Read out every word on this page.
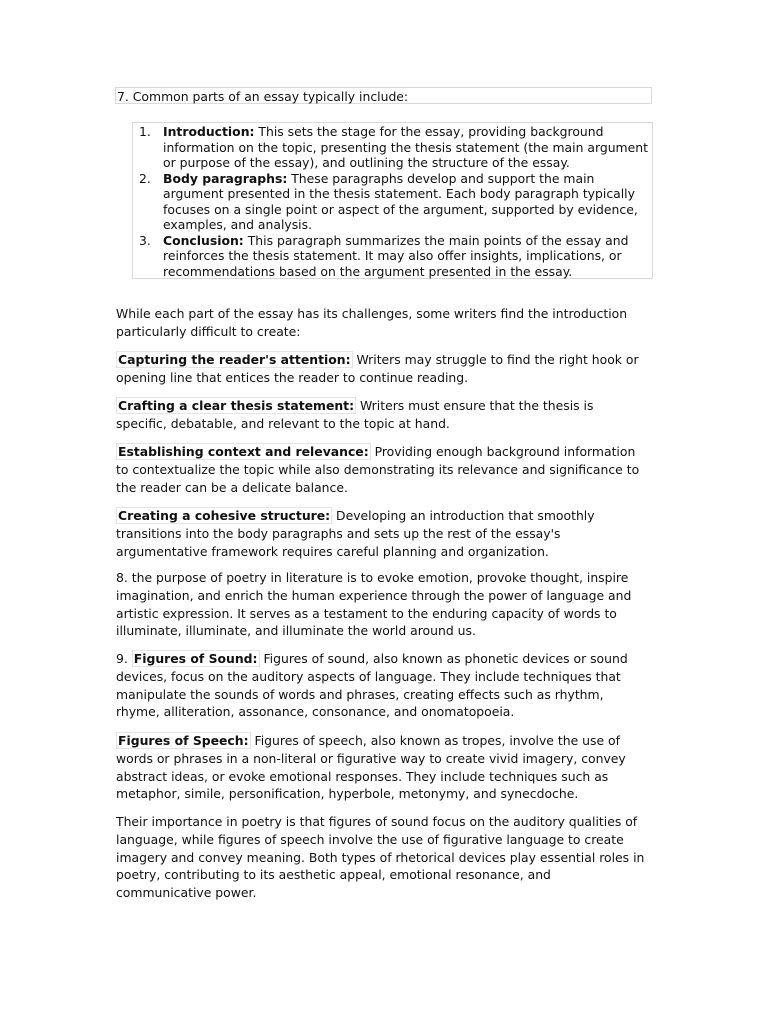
7. Common parts of an essay typically include:
1. Introduction: This sets the stage for the essay, providing background information on the topic, presenting the thesis statement (the main argument or purpose of the essay), and outlining the structure of the essay.
2. Body paragraphs: These paragraphs develop and support the main argument presented in the thesis statement. Each body paragraph typically focuses on a single point or aspect of the argument, supported by evidence, examples, and analysis.
3. Conclusion: This paragraph summarizes the main points of the essay and reinforces the thesis statement. It may also offer insights, implications, or recommendations based on the argument presented in the essay.

While each part of the essay has its challenges, some writers find the introduction particularly difficult to create:

Capturing the reader's attention: Writers may struggle to find the right hook or opening line that entices the reader to continue reading.

Crafting a clear thesis statement: Writers must ensure that the thesis is specific, debatable, and relevant to the topic at hand.

Establishing context and relevance: Providing enough background information to contextualize the topic while also demonstrating its relevance and significance to the reader can be a delicate balance.

Creating a cohesive structure: Developing an introduction that smoothly transitions into the body paragraphs and sets up the rest of the essay's argumentative framework requires careful planning and organization.

8. the purpose of poetry in literature is to evoke emotion, provoke thought, inspire imagination, and enrich the human experience through the power of language and artistic expression. It serves as a testament to the enduring capacity of words to illuminate, illuminate, and illuminate the world around us.

9. Figures of Sound: Figures of sound, also known as phonetic devices or sound devices, focus on the auditory aspects of language. They include techniques that manipulate the sounds of words and phrases, creating effects such as rhythm, rhyme, alliteration, assonance, consonance, and onomatopoeia.

Figures of Speech: Figures of speech, also known as tropes, involve the use of words or phrases in a non-literal or figurative way to create vivid imagery, convey abstract ideas, or evoke emotional responses. They include techniques such as metaphor, simile, personification, hyperbole, metonymy, and synecdoche.

Their importance in poetry is that figures of sound focus on the auditory qualities of language, while figures of speech involve the use of figurative language to create imagery and convey meaning. Both types of rhetorical devices play essential roles in poetry, contributing to its aesthetic appeal, emotional resonance, and communicative power.
